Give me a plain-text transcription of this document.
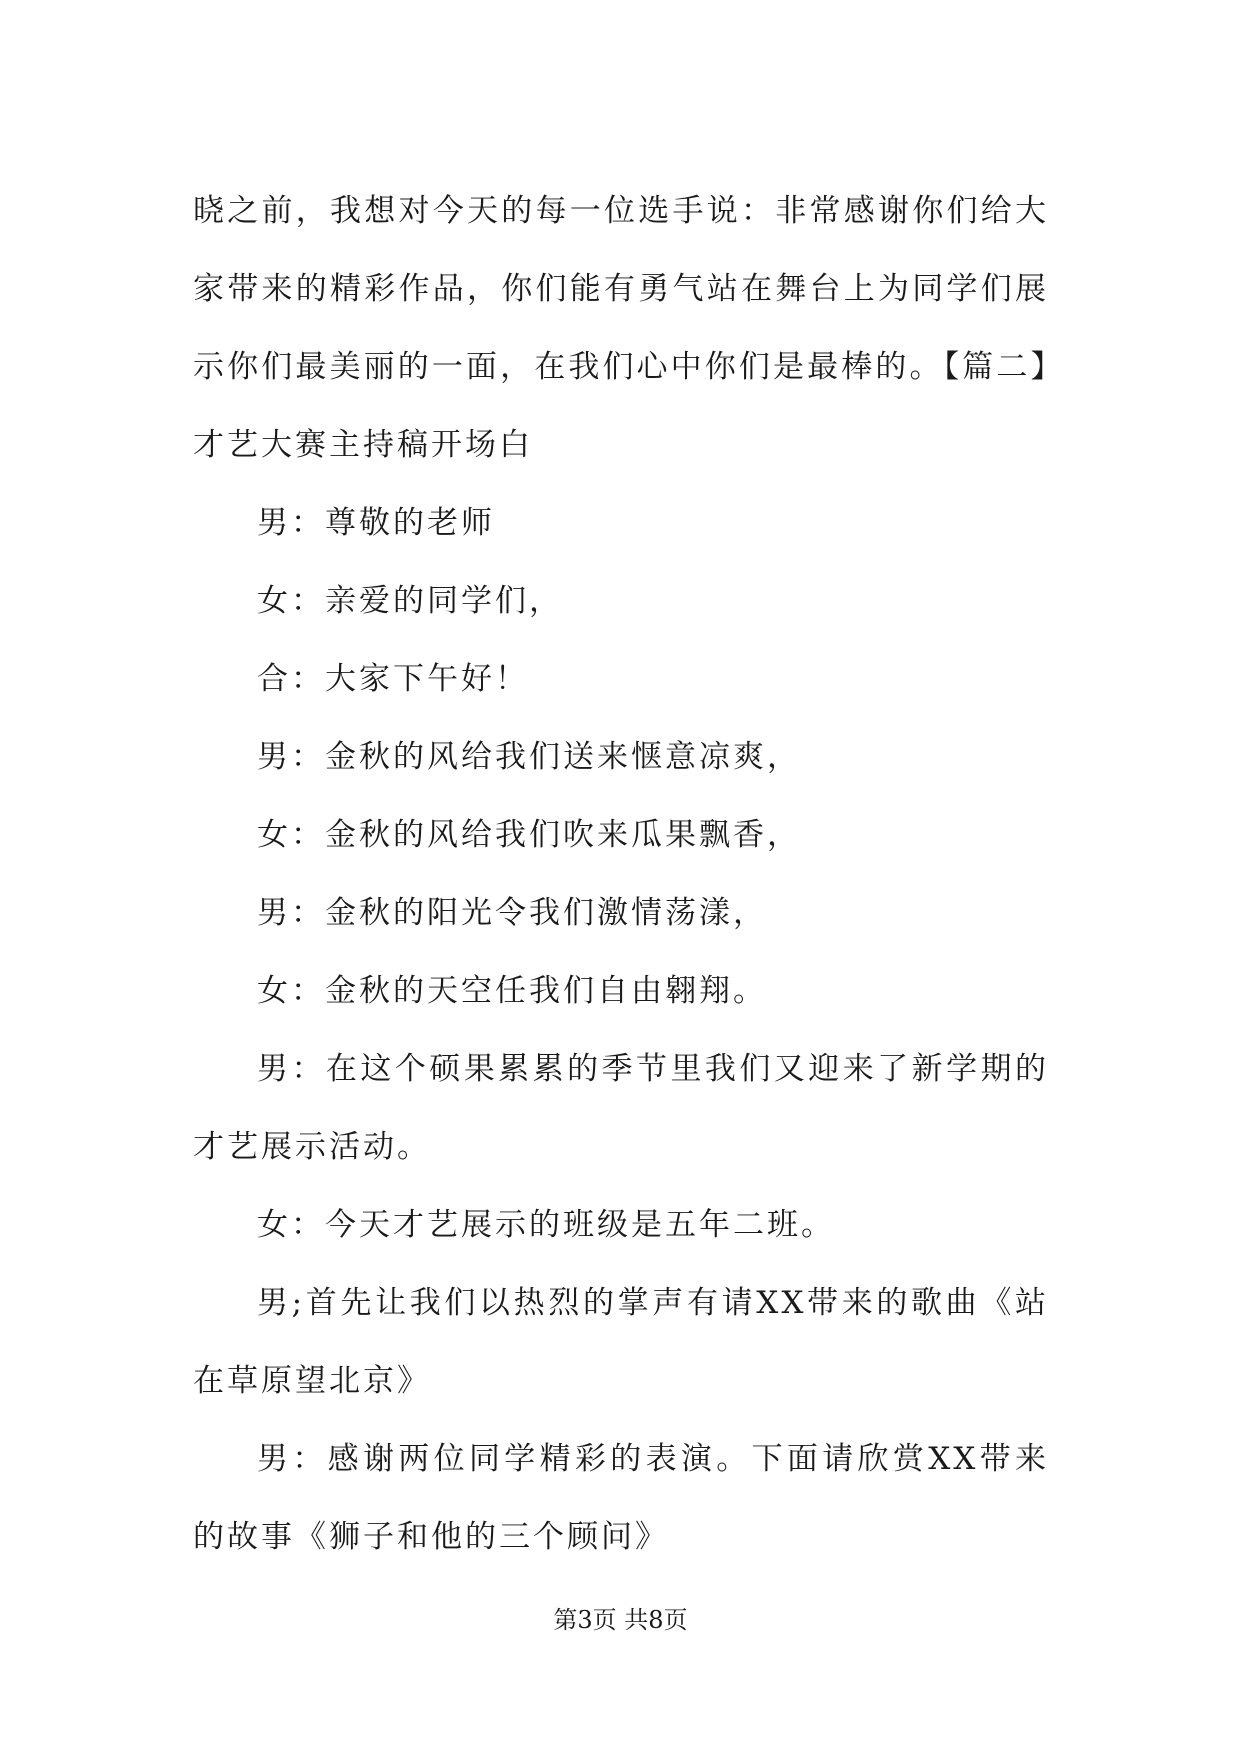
晓之前，我想对今天的每一位选手说：非常感谢你们给大家带来的精彩作品，你们能有勇气站在舞台上为同学们展示你们最美丽的一面，在我们心中你们是最棒的。【篇二】才艺大赛主持稿开场白

男：尊敬的老师

女：亲爱的同学们，

合：大家下午好！

男：金秋的风给我们送来惬意凉爽，

女：金秋的风给我们吹来瓜果飘香，

男：金秋的阳光令我们激情荡漾，

女：金秋的天空任我们自由翱翔。

男：在这个硕果累累的季节里我们又迎来了新学期的才艺展示活动。

女：今天才艺展示的班级是五年二班。

男;首先让我们以热烈的掌声有请XX带来的歌曲《站在草原望北京》

男：感谢两位同学精彩的表演。下面请欣赏XX带来的故事《狮子和他的三个顾问》

第3页 共8页
